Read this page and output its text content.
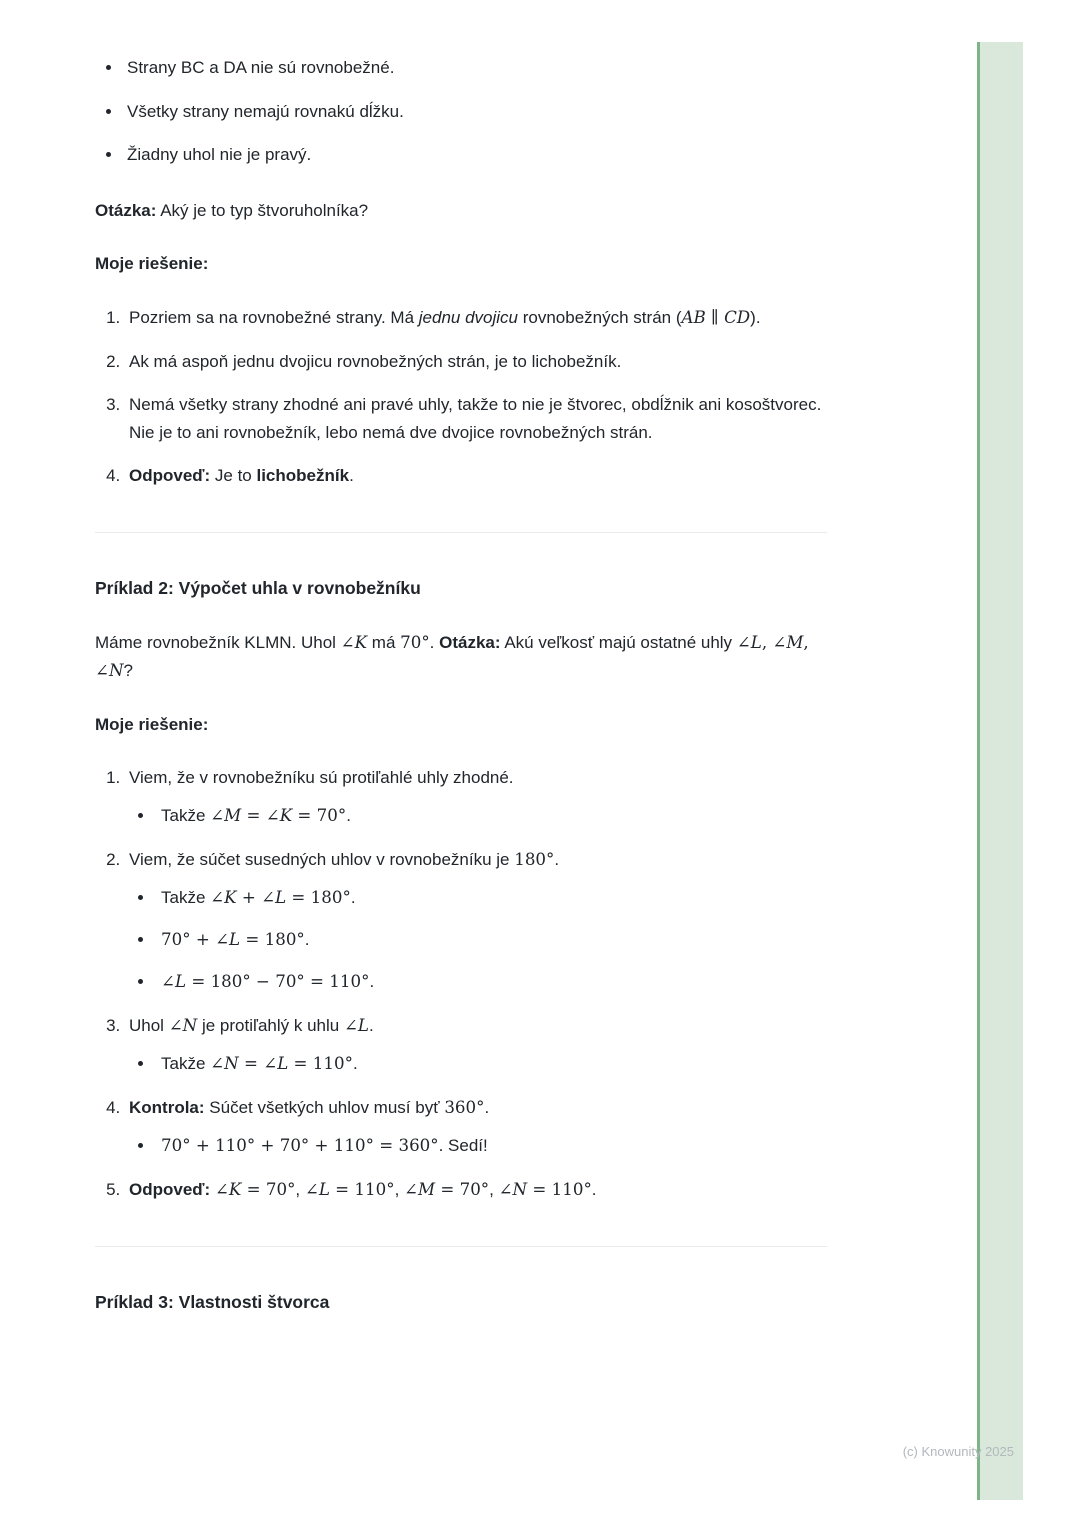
• Strany BC a DA nie sú rovnobežné.
• Všetky strany nemajú rovnakú dĺžku.
• Žiadny uhol nie je pravý.

Otázka: Aký je to typ štvoruholníka?

Moje riešenie:

1. Pozriem sa na rovnobežné strany. Má jednu dvojicu rovnobežných strán (AB ∥ CD).
2. Ak má aspoň jednu dvojicu rovnobežných strán, je to lichobežník.
3. Nemá všetky strany zhodné ani pravé uhly, takže to nie je štvorec, obdĺžnik ani kosoštvorec. Nie je to ani rovnobežník, lebo nemá dve dvojice rovnobežných strán.
4. Odpoveď: Je to lichobežník.
Príklad 2: Výpočet uhla v rovnobežníku

Máme rovnobežník KLMN. Uhol ∠K má 70°. Otázka: Akú veľkosť majú ostatné uhly ∠L, ∠M, ∠N?

Moje riešenie:

1. Viem, že v rovnobežníku sú protiľahlé uhly zhodné.
• Takže ∠M = ∠K = 70°.
2. Viem, že súčet susedných uhlov v rovnobežníku je 180°.
• Takže ∠K + ∠L = 180°.
• 70° + ∠L = 180°.
• ∠L = 180° − 70° = 110°.
3. Uhol ∠N je protiľahlý k uhlu ∠L.
• Takže ∠N = ∠L = 110°.
4. Kontrola: Súčet všetkých uhlov musí byť 360°.
• 70° + 110° + 70° + 110° = 360°. Sedí!
5. Odpoveď: ∠K = 70°, ∠L = 110°, ∠M = 70°, ∠N = 110°.
Príklad 3: Vlastnosti štvorca
(c) Knowunity 2025
